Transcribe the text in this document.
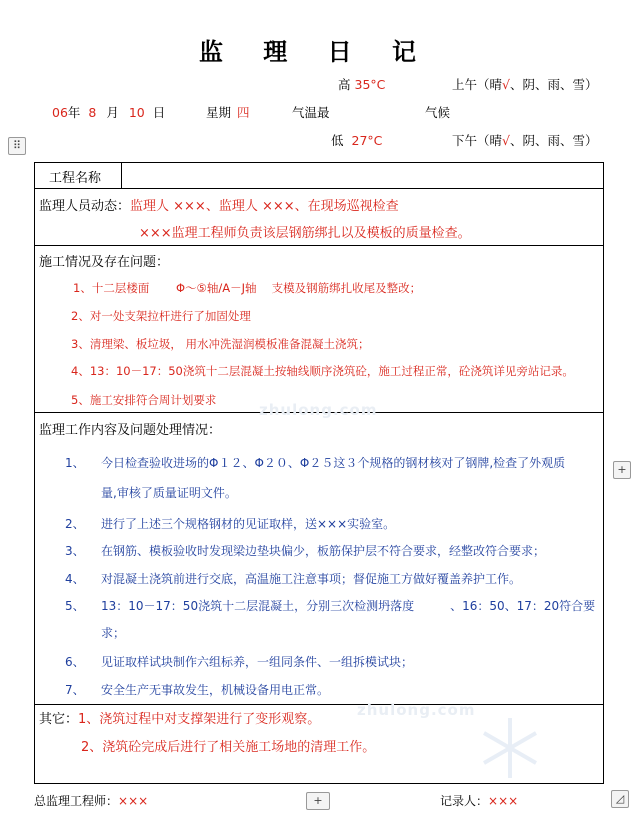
监 理 日 记
高 35°C	上午（晴√、阴、雨、雪）
06年 8 月 10 日	星期 四	气温最	气候
低 27°C	下午（晴√、阴、雨、雪）
⠿
工程名称
监理人员动态：监理人 ×××、监理人 ×××、在现场巡视检查
×××监理工程师负责该层钢筋绑扎以及模板的质量检查。
施工情况及存在问题：
1、十二层楼面　　 Φ～⑤轴/A－J轴　 支模及钢筋绑扎收尾及整改；
2、对一处支架拉杆进行了加固处理
3、清理梁、板垃圾， 用水冲洗湿润模板准备混凝土浇筑；
4、13：10－17：50浇筑十二层混凝土按轴线顺序浇筑砼，施工过程正常，砼浇筑详见旁站记录。
5、施工安排符合周计划要求
监理工作内容及问题处理情况：
1、 今日检查验收进场的Φ１２、Φ２０、Φ２５这３个规格的钢材核对了钢牌,检查了外观质
量,审核了质量证明文件。
2、 进行了上述三个规格钢材的见证取样，送×××实验室。
3、 在钢筋、模板验收时发现梁边垫块偏少，板筋保护层不符合要求，经整改符合要求；
4、 对混凝土浇筑前进行交底，高温施工注意事项；督促施工方做好覆盖养护工作。
5、 13：10－17：50浇筑十二层混凝土，分别三次检测坍落度　　　、16：50、17：20符合要
求；
6、 见证取样试块制作六组标养，一组同条件、一组拆模试块；
7、 安全生产无事故发生，机械设备用电正常。
其它：1、浇筑过程中对支撑架进行了变形观察。
2、浇筑砼完成后进行了相关施工场地的清理工作。
zhulong.com
zhulong.com
+
总监理工程师：×××	+	记录人：×××	◿
